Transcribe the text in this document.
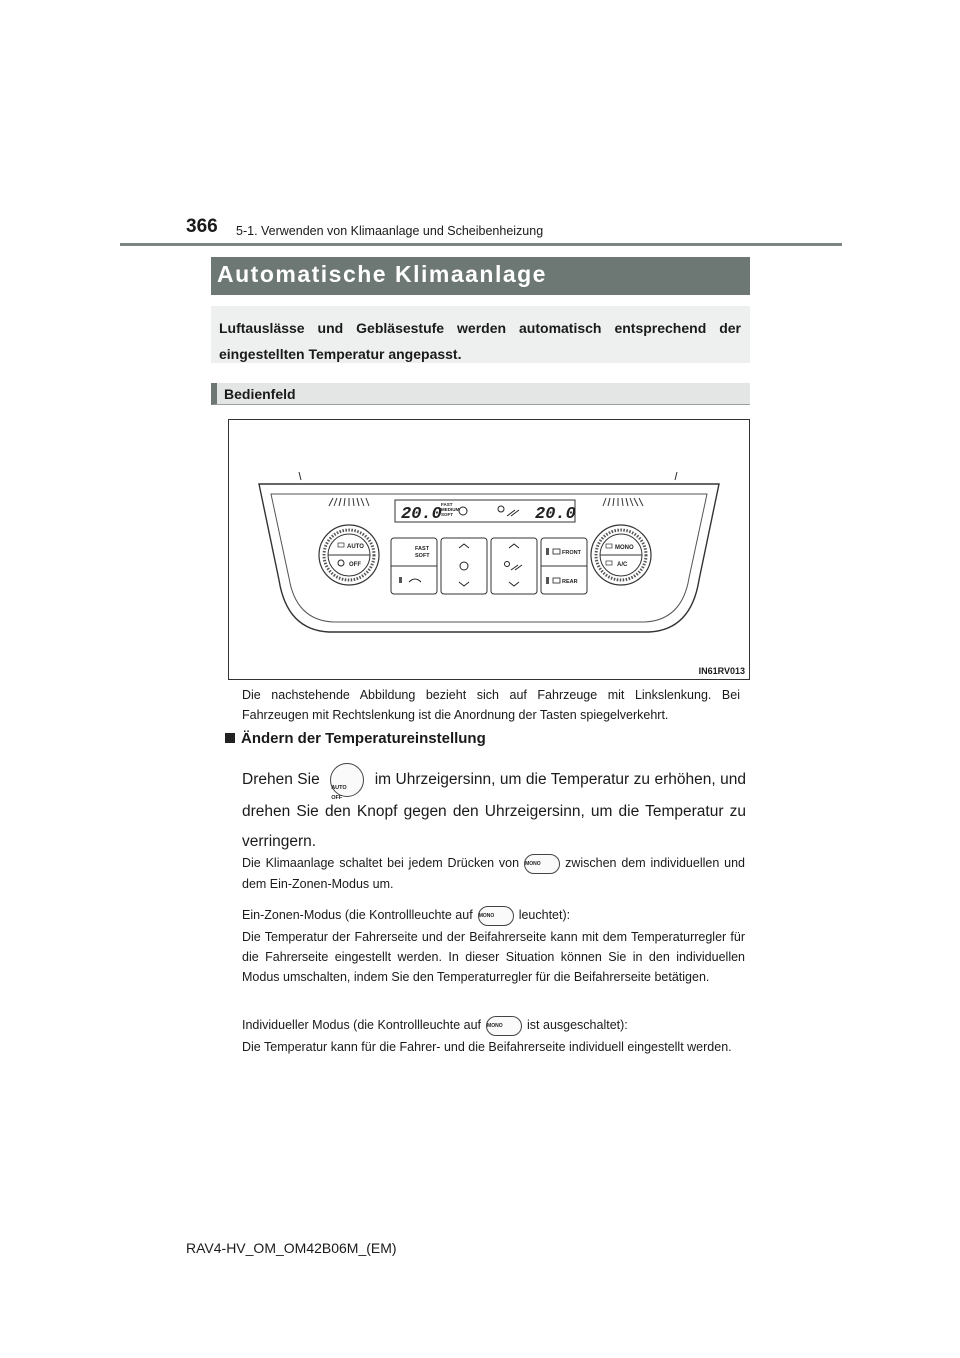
366 5-1. Verwenden von Klimaanlage und Scheibenheizung
Automatische Klimaanlage
Luftauslässe und Gebläsestufe werden automatisch entsprechend der eingestellten Temperatur angepasst.
Bedienfeld
20.0
FAST
MEDIUM
SOFT	20.0
AUTO
OFF
FAST
SOFT	FRONT
REAR
MONO
A/C
IN61RV013
Die nachstehende Abbildung bezieht sich auf Fahrzeuge mit Linkslenkung. Bei Fahrzeugen mit Rechtslenkung ist die Anordnung der Tasten spiegelverkehrt.
Ändern der Temperatureinstellung
Drehen Sie AUTO
OFF
im Uhrzeigersinn, um die Temperatur zu erhöhen, und drehen Sie den Knopf gegen den Uhrzeigersinn, um die Temperatur zu verringern.
Die Klimaanlage schaltet bei jedem Drücken von MONO zwischen dem individuellen und dem Ein-Zonen-Modus um.
Ein-Zonen-Modus (die Kontrollleuchte auf MONO leuchtet):
Die Temperatur der Fahrerseite und der Beifahrerseite kann mit dem Temperaturregler für die Fahrerseite eingestellt werden. In dieser Situation können Sie in den individuellen Modus umschalten, indem Sie den Temperaturregler für die Beifahrerseite betätigen.
Individueller Modus (die Kontrollleuchte auf MONO ist ausgeschaltet):
Die Temperatur kann für die Fahrer- und die Beifahrerseite individuell eingestellt werden.
RAV4-HV_OM_OM42B06M_(EM)
